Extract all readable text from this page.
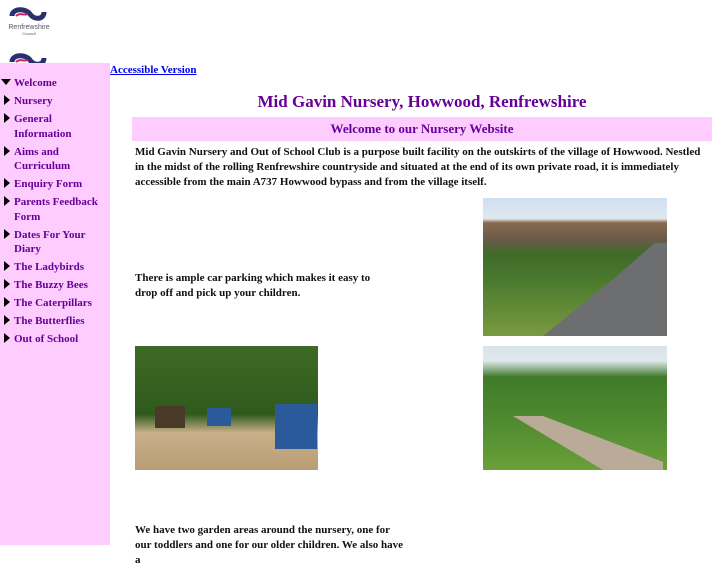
Renfrewshire
Council
Welcome
Nursery
General Information
Aims and Curriculum
Enquiry Form
Parents Feedback Form
Dates For Your Diary
The Ladybirds
The Buzzy Bees
The Caterpillars
The Butterflies
Out of School
Accessible Version
Mid Gavin Nursery, Howwood, Renfrewshire
Welcome to our Nursery Website
Mid Gavin Nursery and Out of School Club is a purpose built facility on the outskirts of the village of Howwood. Nestled in the midst of the rolling Renfrewshire countryside and situated at the end of its own private road, it is immediately accessible from the main A737 Howwood bypass and from the village itself.
There is ample car parking which makes it easy to drop off and pick up your children.
We have two garden areas around the nursery, one for our toddlers and one for our older children. We also have a
